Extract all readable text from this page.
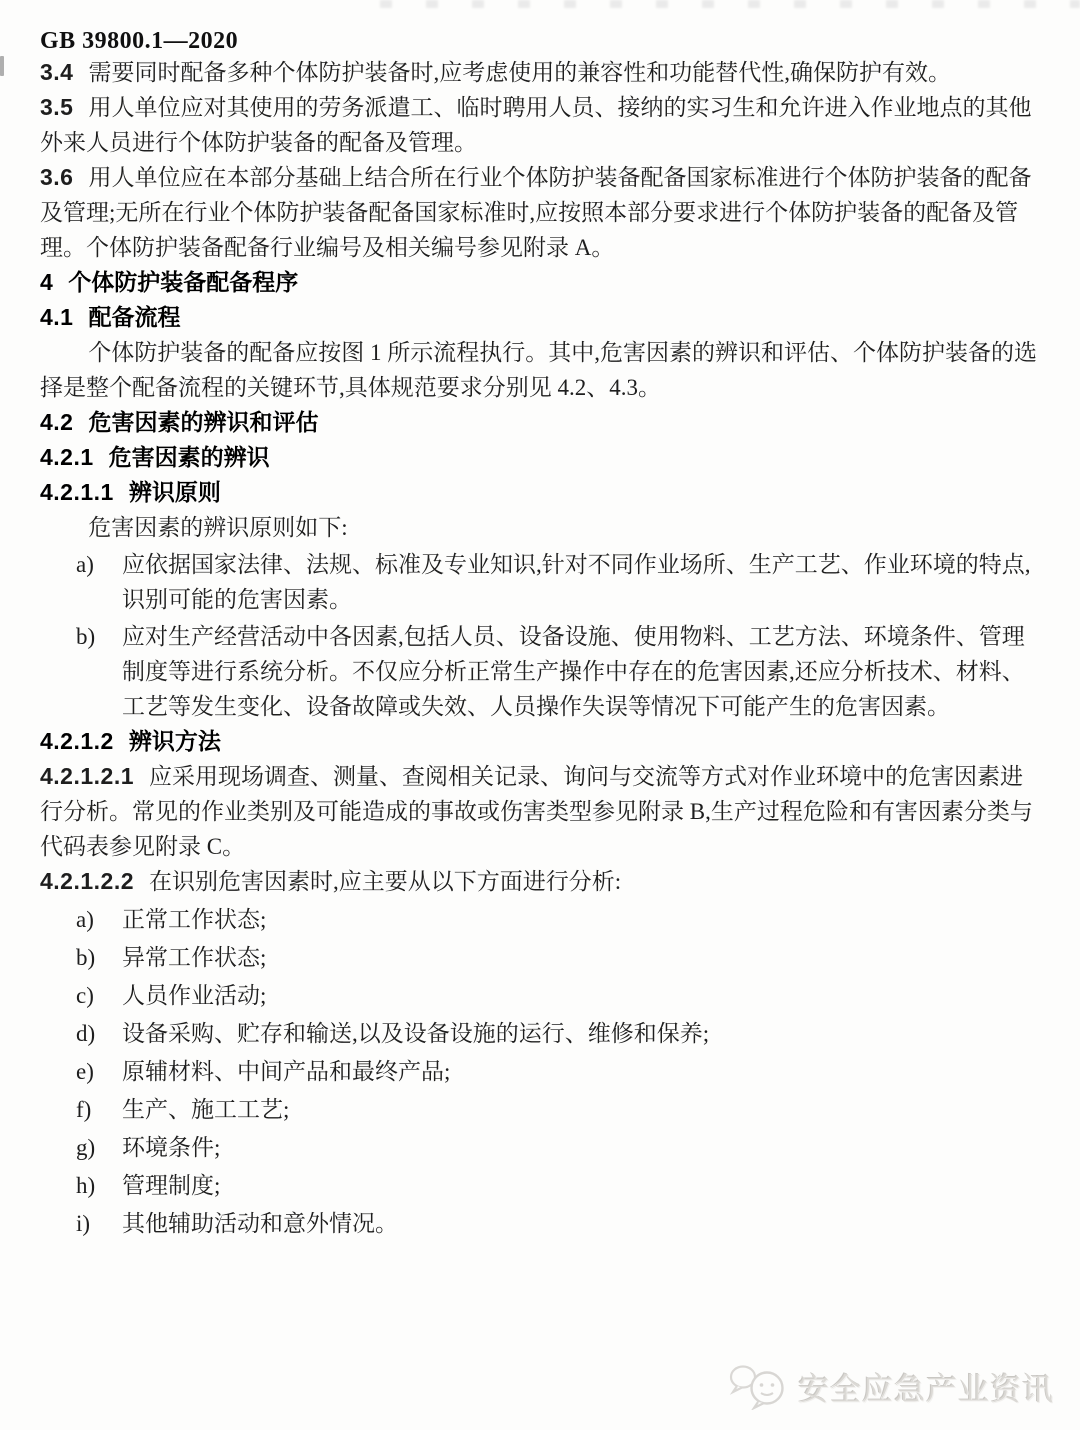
GB 39800.1—2020

3.4 需要同时配备多种个体防护装备时,应考虑使用的兼容性和功能替代性,确保防护有效。

3.5 用人单位应对其使用的劳务派遣工、临时聘用人员、接纳的实习生和允许进入作业地点的其他外来人员进行个体防护装备的配备及管理。

3.6 用人单位应在本部分基础上结合所在行业个体防护装备配备国家标准进行个体防护装备的配备及管理;无所在行业个体防护装备配备国家标准时,应按照本部分要求进行个体防护装备的配备及管理。个体防护装备配备行业编号及相关编号参见附录 A。

4 个体防护装备配备程序

4.1 配备流程

个体防护装备的配备应按图 1 所示流程执行。其中,危害因素的辨识和评估、个体防护装备的选择是整个配备流程的关键环节,具体规范要求分别见 4.2、4.3。

4.2 危害因素的辨识和评估

4.2.1 危害因素的辨识

4.2.1.1 辨识原则

危害因素的辨识原则如下:

a)	应依据国家法律、法规、标准及专业知识,针对不同作业场所、生产工艺、作业环境的特点,识别可能的危害因素。
b)	应对生产经营活动中各因素,包括人员、设备设施、使用物料、工艺方法、环境条件、管理制度等进行系统分析。不仅应分析正常生产操作中存在的危害因素,还应分析技术、材料、工艺等发生变化、设备故障或失效、人员操作失误等情况下可能产生的危害因素。

4.2.1.2 辨识方法

4.2.1.2.1 应采用现场调查、测量、查阅相关记录、询问与交流等方式对作业环境中的危害因素进行分析。常见的作业类别及可能造成的事故或伤害类型参见附录 B,生产过程危险和有害因素分类与代码表参见附录 C。

4.2.1.2.2 在识别危害因素时,应主要从以下方面进行分析:

a)	正常工作状态;
b)	异常工作状态;
c)	人员作业活动;
d)	设备采购、贮存和输送,以及设备设施的运行、维修和保养;
e)	原辅材料、中间产品和最终产品;
f)	生产、施工工艺;
g)	环境条件;
h)	管理制度;
i)	其他辅助活动和意外情况。
安全应急产业资讯
